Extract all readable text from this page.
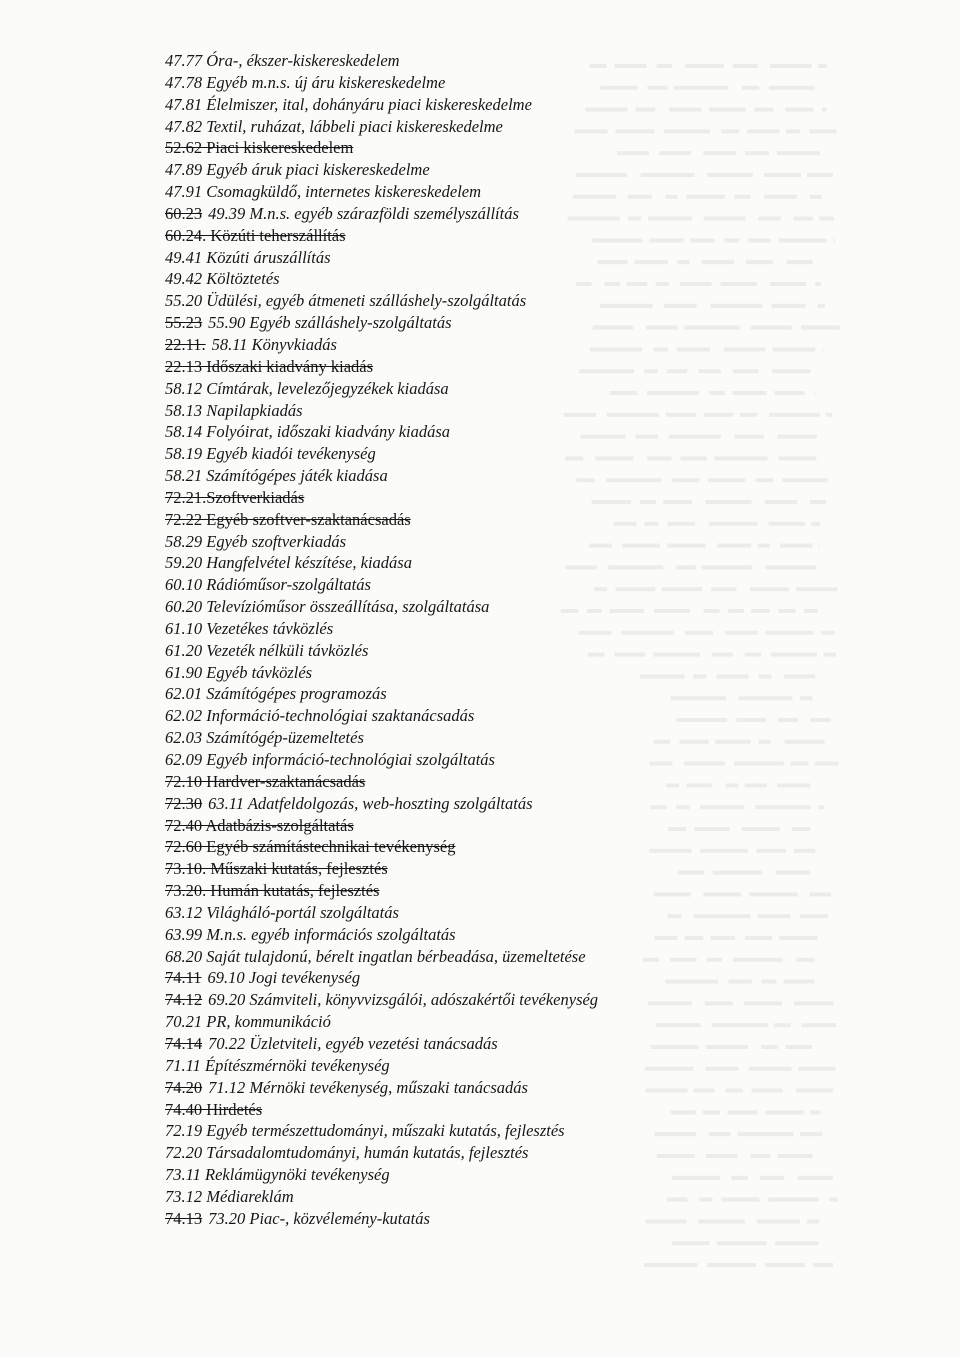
47.77 Óra-, ékszer-kiskereskedelem
47.78 Egyéb m.n.s. új áru kiskereskedelme
47.81 Élelmiszer, ital, dohányáru piaci kiskereskedelme
47.82 Textil, ruházat, lábbeli piaci kiskereskedelme
52.62 Piaci kiskereskedelem
47.89 Egyéb áruk piaci kiskereskedelme
47.91 Csomagküldő, internetes kiskereskedelem
60.23 49.39 M.n.s. egyéb szárazföldi személyszállítás
60.24. Közúti teherszállítás
49.41 Közúti áruszállítás
49.42 Költöztetés
55.20 Üdülési, egyéb átmeneti szálláshely-szolgáltatás
55.23 55.90 Egyéb szálláshely-szolgáltatás
22.11. 58.11 Könyvkiadás
22.13 Időszaki kiadvány kiadás
58.12 Címtárak, levelezőjegyzékek kiadása
58.13 Napilapkiadás
58.14 Folyóirat, időszaki kiadvány kiadása
58.19 Egyéb kiadói tevékenység
58.21 Számítógépes játék kiadása
72.21.Szoftverkiadás
72.22 Egyéb szoftver-szaktanácsadás
58.29 Egyéb szoftverkiadás
59.20 Hangfelvétel készítése, kiadása
60.10 Rádióműsor-szolgáltatás
60.20 Televízióműsor összeállítása, szolgáltatása
61.10 Vezetékes távközlés
61.20 Vezeték nélküli távközlés
61.90 Egyéb távközlés
62.01 Számítógépes programozás
62.02 Információ-technológiai szaktanácsadás
62.03 Számítógép-üzemeltetés
62.09 Egyéb információ-technológiai szolgáltatás
72.10 Hardver-szaktanácsadás
72.30 63.11 Adatfeldolgozás, web-hoszting szolgáltatás
72.40 Adatbázis-szolgáltatás
72.60 Egyéb számítástechnikai tevékenység
73.10. Műszaki kutatás, fejlesztés
73.20. Humán kutatás, fejlesztés
63.12 Világháló-portál szolgáltatás
63.99 M.n.s. egyéb információs szolgáltatás
68.20 Saját tulajdonú, bérelt ingatlan bérbeadása, üzemeltetése
74.11 69.10 Jogi tevékenység
74.12 69.20 Számviteli, könyvvizsgálói, adószakértői tevékenység
70.21 PR, kommunikáció
74.14 70.22 Üzletviteli, egyéb vezetési tanácsadás
71.11 Építészmérnöki tevékenység
74.20 71.12 Mérnöki tevékenység, műszaki tanácsadás
74.40 Hirdetés
72.19 Egyéb természettudományi, műszaki kutatás, fejlesztés
72.20 Társadalomtudományi, humán kutatás, fejlesztés
73.11 Reklámügynöki tevékenység
73.12 Médiareklám
74.13 73.20 Piac-, közvélemény-kutatás
